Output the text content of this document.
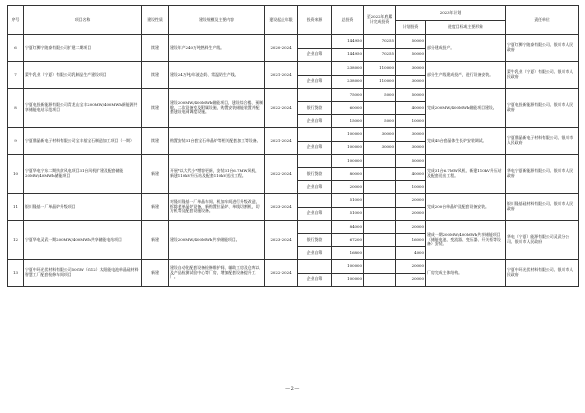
序号	项目名称	建设性质	建设规模及主要内容	建设起止年限	投资来源	总投资	至2022年底累计完成投资	2023年计划		责任单位
								计划投资	进度目标或主要形象	
6	宁夏红狮宁陵泰有限公司扩建二期项目	续建	建设年产240万吨熟料生产线。	2020-2024		144950	70255	50000	部分建成投产。	宁夏红狮宁陵泰有限公司、银川市人民政府
					企业自筹	144950	70255	50000		
7	蒙牛乳业（宁夏）有限公司乳制品生产建设项目	续建	建设24万吨/年液态奶、常温奶生产线。	2021-2024		238000	110000	30000	部分生产线建成投产，进行设备安装。	蒙牛乳业（宁夏）有限公司、银川市人民政府
					企业自筹	238000	110000	30000		
8	宁夏电投新能源有限公司青龙山宝丰200MW/400MWh新能源共享储能电站示范项目	续建	建设200MW/400MWh储能项目，建设综合楼、预制舱、二次设备室及附属设施，购置安装储能装置并配套建设电网调度设施。	2022-2024		75000	5000	50000	完成200MW/400MWh储能项目建设。	宁夏电投新能源有限公司、银川市人民政府
					银行贷款	60000		40000		
					企业自筹	15000	5000	10000		
9	宁夏鼎晶新电子材料有限公司宝丰基宝石制造加工项目（一期）	续建	购置安装31台套宝石单晶炉等相关配套加工等设备。	2021-2024		100000	30000	30000	完成45台套晶体生长炉安装调试。	宁夏鼎晶新电子材料有限公司、银川市人民政府
					企业自筹	100000	30000	30000		
10	宁夏华电宁东二期扶贫风电项目31台风机扩建及配套储能20MW/40MWh储能项目	新建	开展*以大代小*增容更新，安装31台6.7MW风机，新建110kV升压站及配套110kV送出工程。	2022-2024		100000		50000	完成31台6.7MW风机、新建110kV升压站及配套送出工程。	华电宁夏新能源有限公司、银川市人民政府
					银行贷款	80000		40000		
					企业自筹	20000		10000		
11	银川隆基一厂单晶炉升级项目	新建	对隆川隆基一厂单晶车间、机加车间进行升级改造，拆除老单晶炉设备，新购置拉晶炉、单线切割机，切方机等及配套设施设备。	2023-2024		51000		20000	完成200台单晶炉及配套设备安装。	银川隆基硅材料有限公司、银川市人民政府
					企业自筹	51000		20000		
12	宁夏华电灵武一期200MW/400MWh共享储能电站项目	新建	建设200MW/400MWh共享储能项目。	2023-2024		84000		20000	建成一期200MW/400MWh共享储能项目（储能电池、变流器、变压器、开关柜等设备）安装。	华电（宁夏）能源有限公司灵武分公司、银川市人民政府
					银行贷款	67200		16000		
					企业自筹	16800		4000		
13	宁夏中环光伏材料有限公司50GW（G12）太阳能电池单晶硅材料智慧工厂配套检修车间项目	新建	建设自动化配套设备检修维护间、辅助工房及仓库以及产品检测试验中心等厂房，增加配套设备提升工厂。	2022-2024		100000		20000	厂房完成主体结构。	宁夏中环光伏材料有限公司、银川市人民政府
					企业自筹	100000		20000		
—2—
